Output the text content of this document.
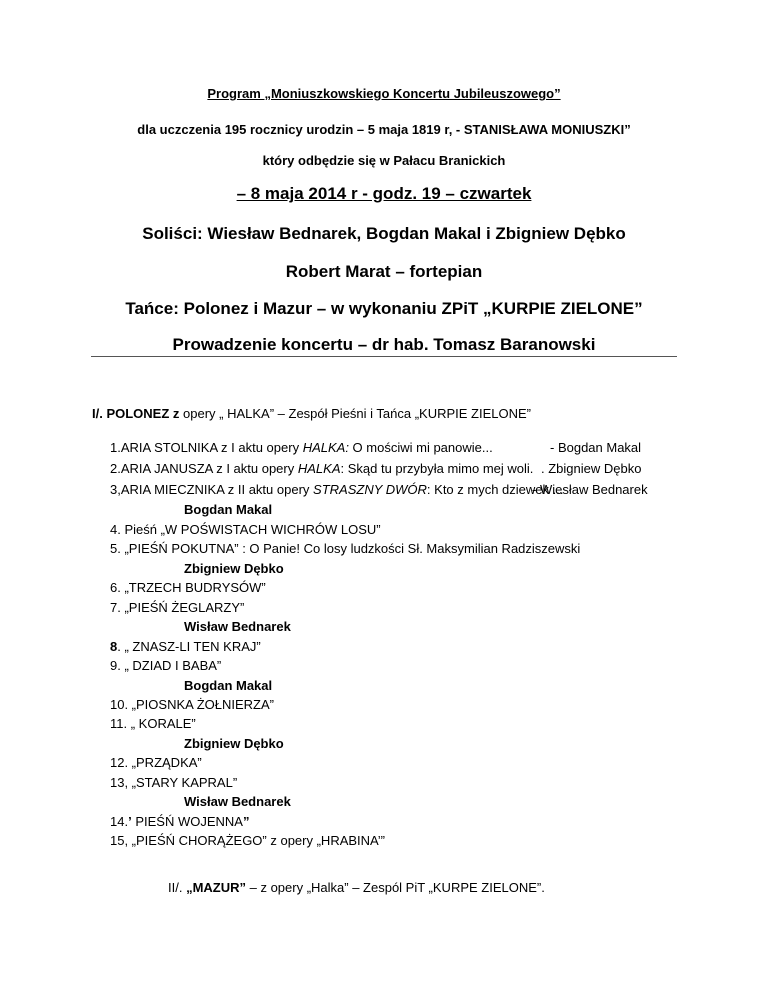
Program „Moniuszkowskiego Koncertu Jubileuszowego”
dla uczczenia 195 rocznicy urodzin – 5 maja 1819 r, - STANISŁAWA MONIUSZKI”
który odbędzie się w Pałacu Branickich
– 8 maja 2014 r - godz. 19 – czwartek
Soliści: Wiesław Bednarek, Bogdan Makal i Zbigniew Dębko
Robert Marat – fortepian
Tańce: Polonez i Mazur – w wykonaniu ZPiT „KURPIE ZIELONE”
Prowadzenie koncertu – dr hab. Tomasz Baranowski
I/. POLONEZ z opery „ HALKA” – Zespół Pieśni i Tańca „KURPIE ZIELONE”
1.ARIA STOLNIKA z I aktu opery HALKA: O mościwi mi panowie...	- Bogdan Makal
2.ARIA JANUSZA z I aktu opery HALKA: Skąd tu przybyła mimo mej woli. . Zbigniew Dębko
3,ARIA MIECZNIKA z II aktu opery STRASZNY DWÓR: Kto z mych dziewek ...
- Wiesław Bednarek
Bogdan Makal
4. Pieśń „W POŚWISTACH WICHRÓW LOSU”
5. „PIEŚŃ POKUTNA” : O Panie! Co losy ludzkości Sł. Maksymilian Radziszewski
Zbigniew Dębko
6. „TRZECH BUDRYSÓW”
7. „PIEŚŃ ŻEGLARZY”
Wisław Bednarek
8. „ ZNASZ-LI TEN KRAJ”
9. „ DZIAD I BABA”
Bogdan Makal
10. „PIOSNKA ŻOŁNIERZA”
11. „ KORALE”
Zbigniew Dębko
12. „PRZĄDKA”
13, „STARY KAPRAL”
Wisław Bednarek
14.’ PIEŚŃ WOJENNA”
15, „PIEŚŃ CHORĄŻEGO” z opery „HRABINA’”
II/. „MAZUR” – z opery „Halka” – Zespól PiT „KURPE ZIELONE”.
